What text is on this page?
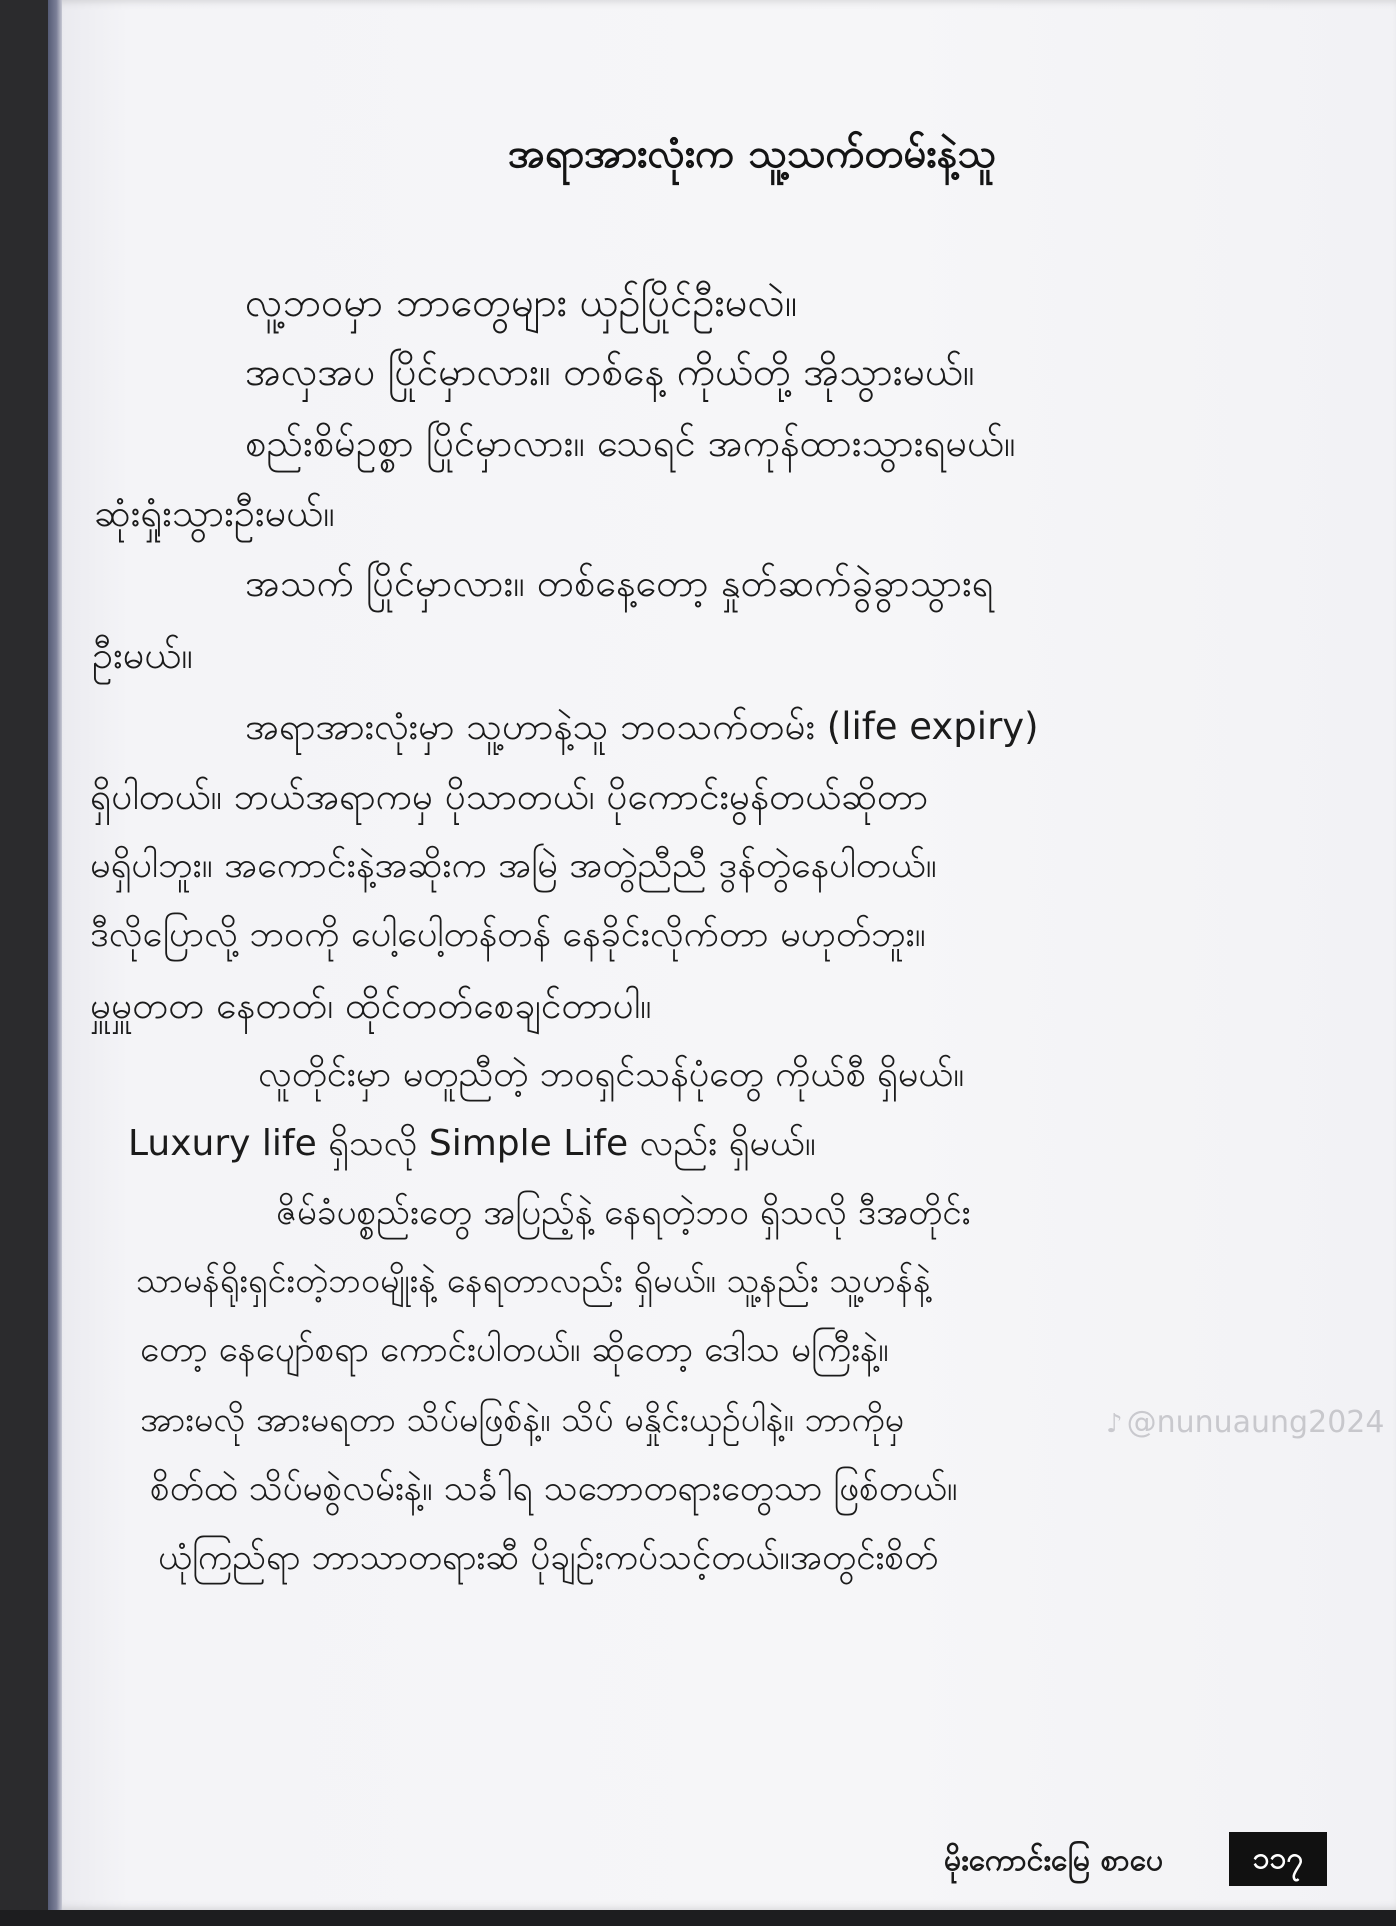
အရာအားလုံးက သူ့သက်တမ်းနဲ့သူ
လူ့ဘဝမှာ ဘာတွေများ ယှဉ်ပြိုင်ဦးမလဲ။
အလှအပ ပြိုင်မှာလား။ တစ်နေ့ ကိုယ်တို့ အိုသွားမယ်။
စည်းစိမ်ဥစ္စာ ပြိုင်မှာလား။ သေရင် အကုန်ထားသွားရမယ်။
ဆုံးရှုံးသွားဦးမယ်။
အသက် ပြိုင်မှာလား။ တစ်နေ့တော့ နှုတ်ဆက်ခွဲခွာသွားရ
ဦးမယ်။
အရာအားလုံးမှာ သူ့ဟာနဲ့သူ ဘဝသက်တမ်း (life expiry)
ရှိပါတယ်။ ဘယ်အရာကမှ ပိုသာတယ်၊ ပိုကောင်းမွန်တယ်ဆိုတာ
မရှိပါဘူး။ အကောင်းနဲ့အဆိုးက အမြဲ အတွဲညီညီ ဒွန်တွဲနေပါတယ်။
ဒီလိုပြောလို့ ဘဝကို ပေါ့ပေါ့တန်တန် နေခိုင်းလိုက်တာ မဟုတ်ဘူး။
မှူမှူတတ နေတတ်၊ ထိုင်တတ်စေချင်တာပါ။
လူတိုင်းမှာ မတူညီတဲ့ ဘဝရှင်သန်ပုံတွေ ကိုယ်စီ ရှိမယ်။
Luxury life ရှိသလို Simple Life လည်း ရှိမယ်။
ဇိမ်ခံပစ္စည်းတွေ အပြည့်နဲ့ နေရတဲ့ဘဝ ရှိသလို ဒီအတိုင်း
သာမန်ရိုးရှင်းတဲ့ဘဝမျိုးနဲ့ နေရတာလည်း ရှိမယ်။ သူ့နည်း သူ့ဟန်နဲ့
တော့ နေပျော်စရာ ကောင်းပါတယ်။ ဆိုတော့ ဒေါသ မကြီးနဲ့။
အားမလို အားမရတာ သိပ်မဖြစ်နဲ့။ သိပ် မနှိုင်းယှဉ်ပါနဲ့။ ဘာကိုမှ
စိတ်ထဲ သိပ်မစွဲလမ်းနဲ့။ သင်္ခါရ သဘောတရားတွေသာ ဖြစ်တယ်။
ယုံကြည်ရာ ဘာသာတရားဆီ ပိုချဉ်းကပ်သင့်တယ်။အတွင်းစိတ်
♪ @nunuaung2024
မိုးကောင်းမြေ စာပေ	၁၁၇
